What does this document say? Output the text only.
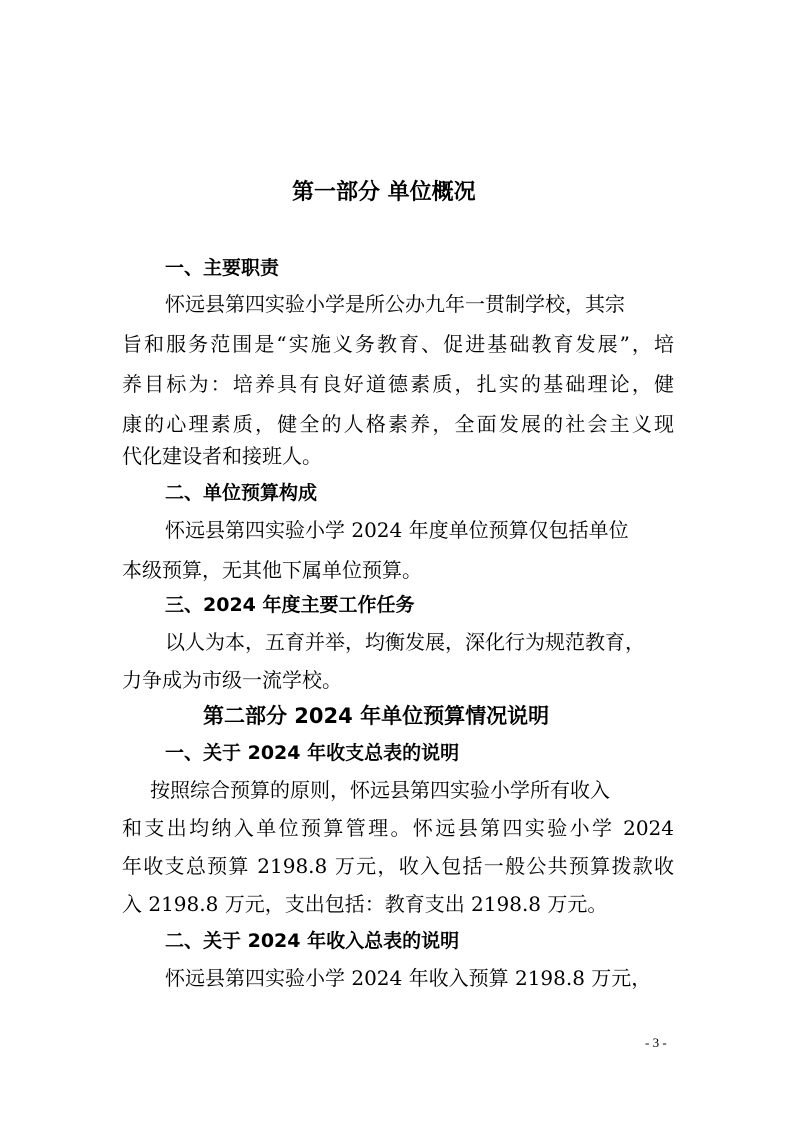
第一部分 单位概况
一、主要职责
怀远县第四实验小学是所公办九年一贯制学校，其宗
旨和服务范围是“实施义务教育、促进基础教育发展”，培
养目标为：培养具有良好道德素质，扎实的基础理论，健
康的心理素质，健全的人格素养，全面发展的社会主义现
代化建设者和接班人。
二、单位预算构成
怀远县第四实验小学 2024 年度单位预算仅包括单位
本级预算，无其他下属单位预算。
三、2024 年度主要工作任务
以人为本，五育并举，均衡发展，深化行为规范教育，
力争成为市级一流学校。
第二部分 2024 年单位预算情况说明
一、关于 2024 年收支总表的说明
按照综合预算的原则，怀远县第四实验小学所有收入
和支出均纳入单位预算管理。怀远县第四实验小学 2024
年收支总预算 2198.8 万元，收入包括一般公共预算拨款收
入 2198.8 万元，支出包括：教育支出 2198.8 万元。
二、关于 2024 年收入总表的说明
怀远县第四实验小学 2024 年收入预算 2198.8 万元，
- 3 -
